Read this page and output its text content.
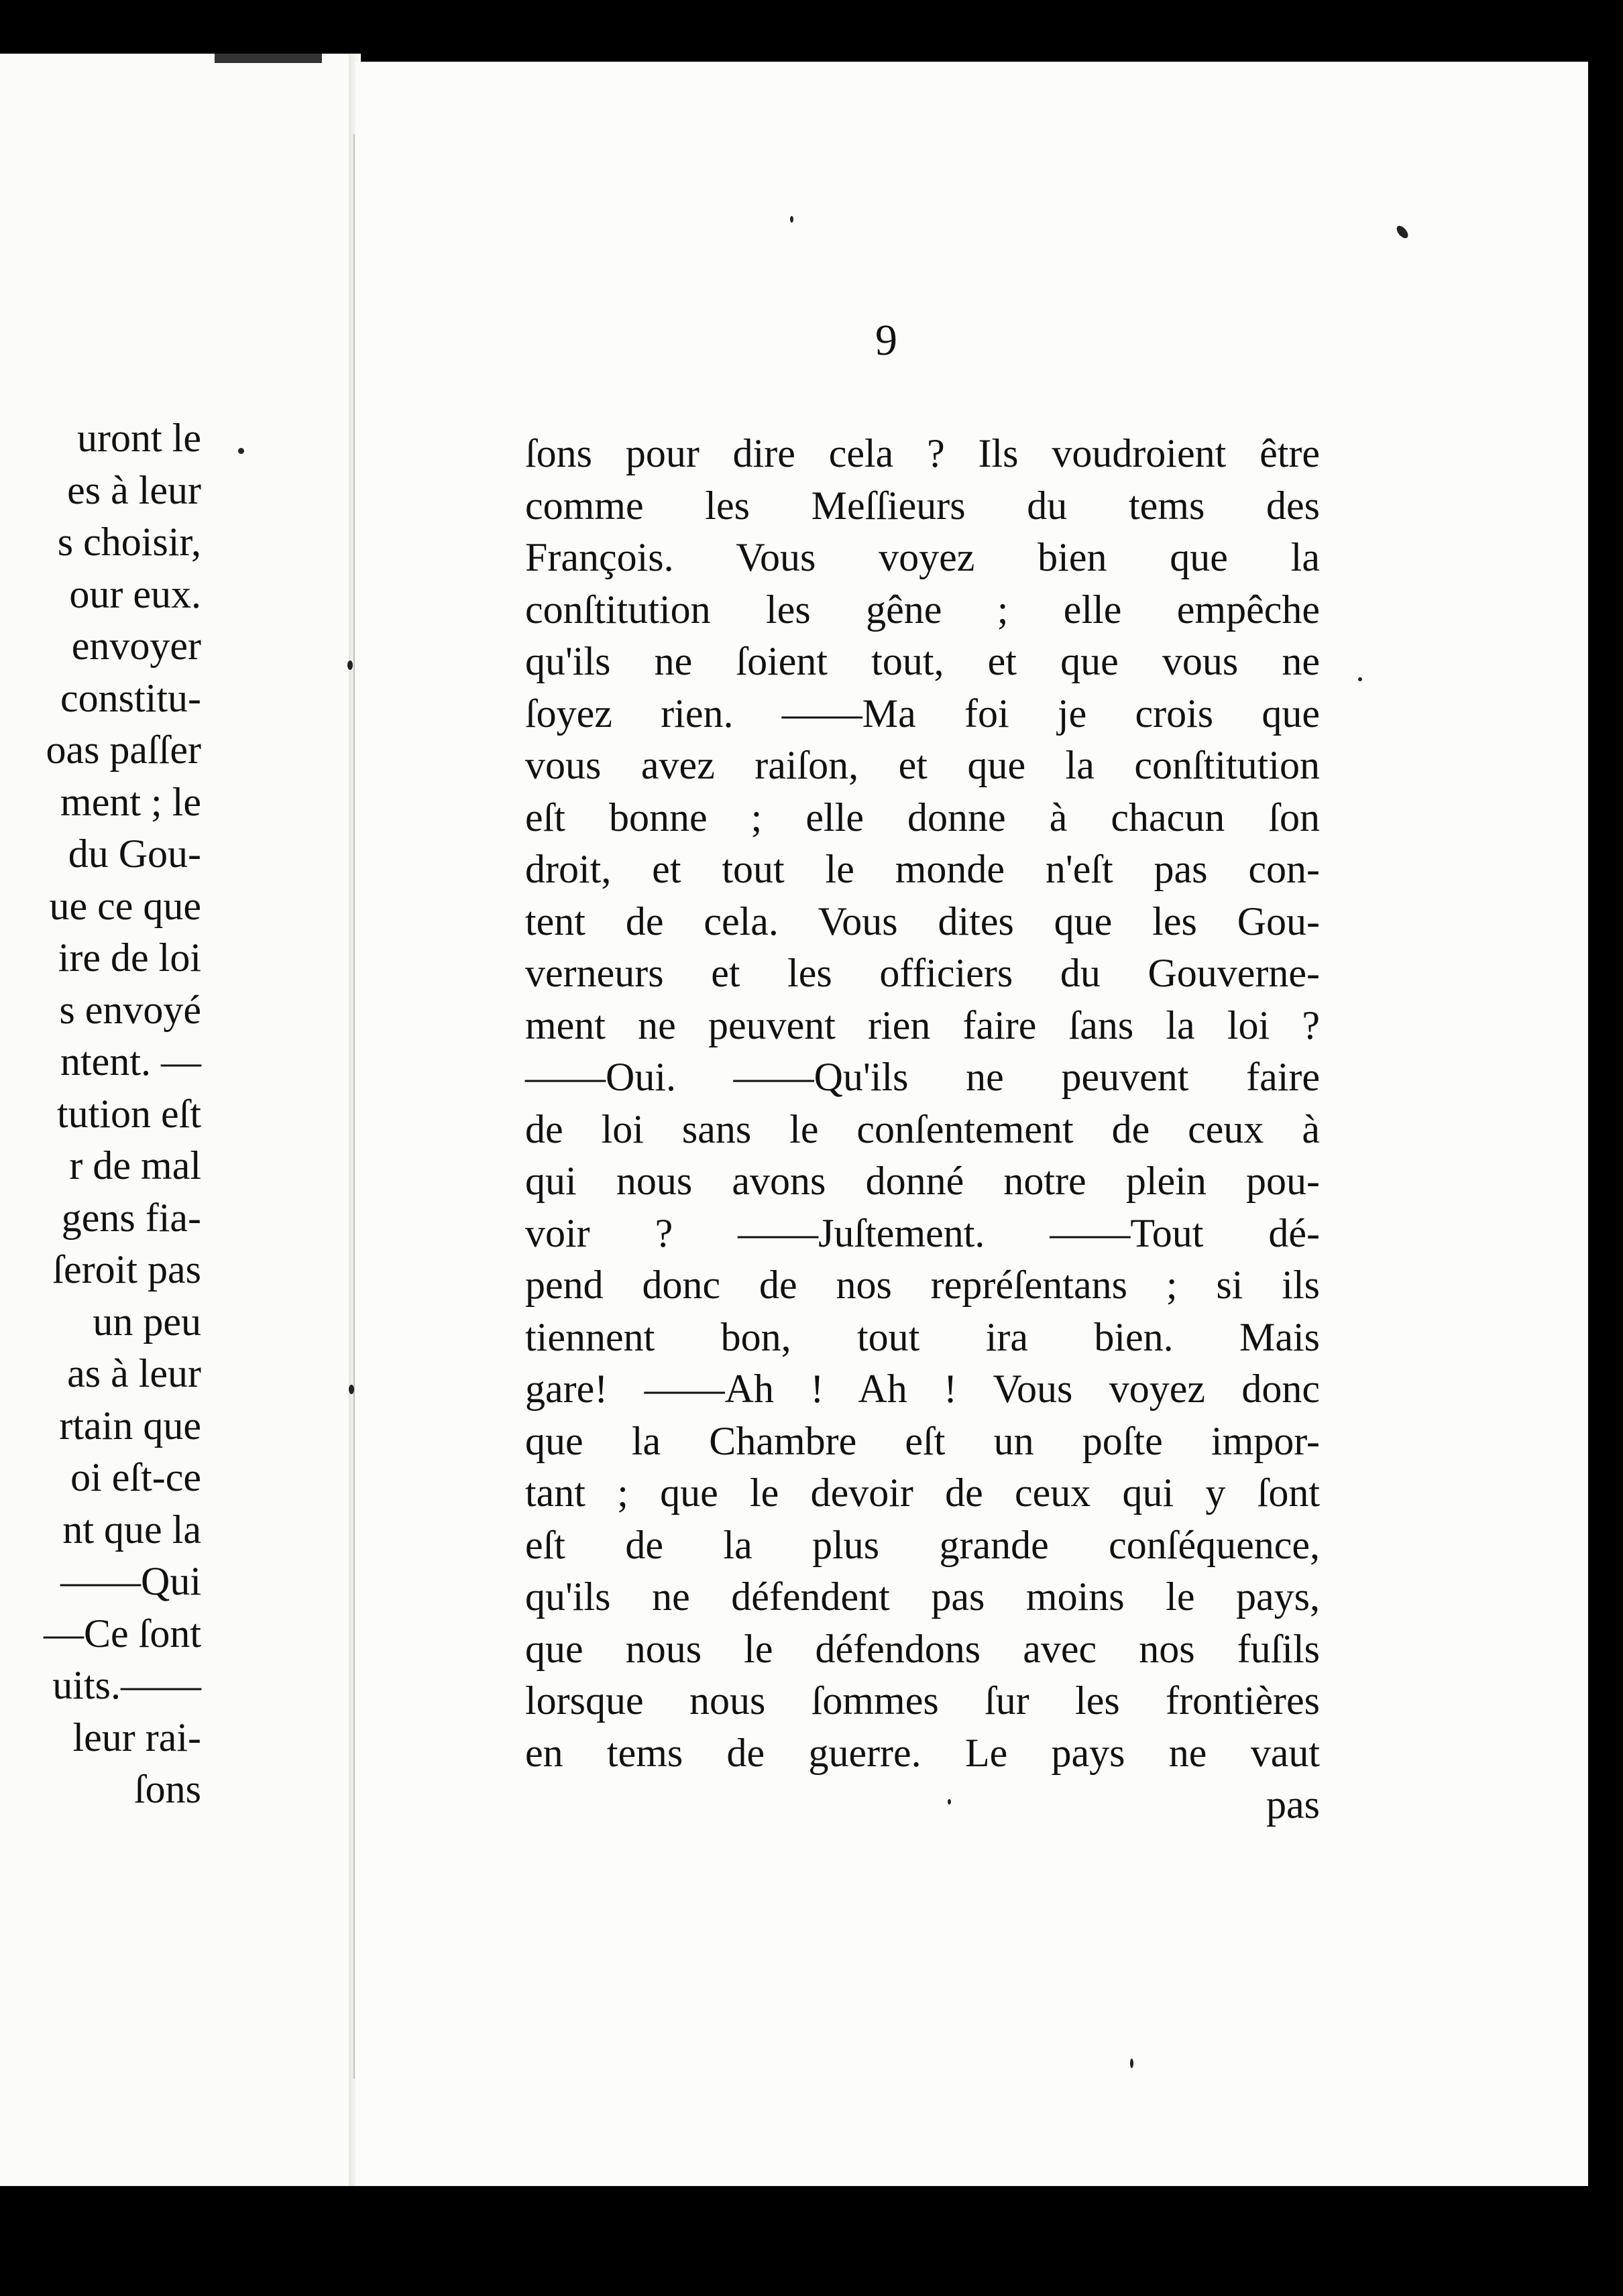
uront le
es à leur
s choisir,
our eux.
envoyer
constitu-
oas paſſer
ment ; le
du Gou-
ue ce que
ire de loi
s envoyé
ntent. —
tution eſt
r de mal
gens fia-
ſeroit pas
un peu
as à leur
rtain que
oi eſt-ce
nt que la
——Qui
—Ce ſont
uits.——
leur rai-
ſons
9
ſons pour dire cela ? Ils voudroient être
comme les Meſſieurs du tems des
François. Vous voyez bien que la
conſtitution les gêne ; elle empêche
qu'ils ne ſoient tout, et que vous ne
ſoyez rien. ——Ma foi je crois que
vous avez raiſon, et que la conſtitution
eſt bonne ; elle donne à chacun ſon
droit, et tout le monde n'eſt pas con-
tent de cela. Vous dites que les Gou-
verneurs et les officiers du Gouverne-
ment ne peuvent rien faire ſans la loi ?
——Oui. ——Qu'ils ne peuvent faire
de loi sans le conſentement de ceux à
qui nous avons donné notre plein pou-
voir ? ——Juſtement. ——Tout dé-
pend donc de nos repréſentans ; si ils
tiennent bon, tout ira bien. Mais
gare! ——Ah ! Ah ! Vous voyez donc
que la Chambre eſt un poſte impor-
tant ; que le devoir de ceux qui y ſont
eſt de la plus grande conſéquence,
qu'ils ne défendent pas moins le pays,
que nous le défendons avec nos fuſils
lorsque nous ſommes ſur les frontières
en tems de guerre. Le pays ne vaut
pas
